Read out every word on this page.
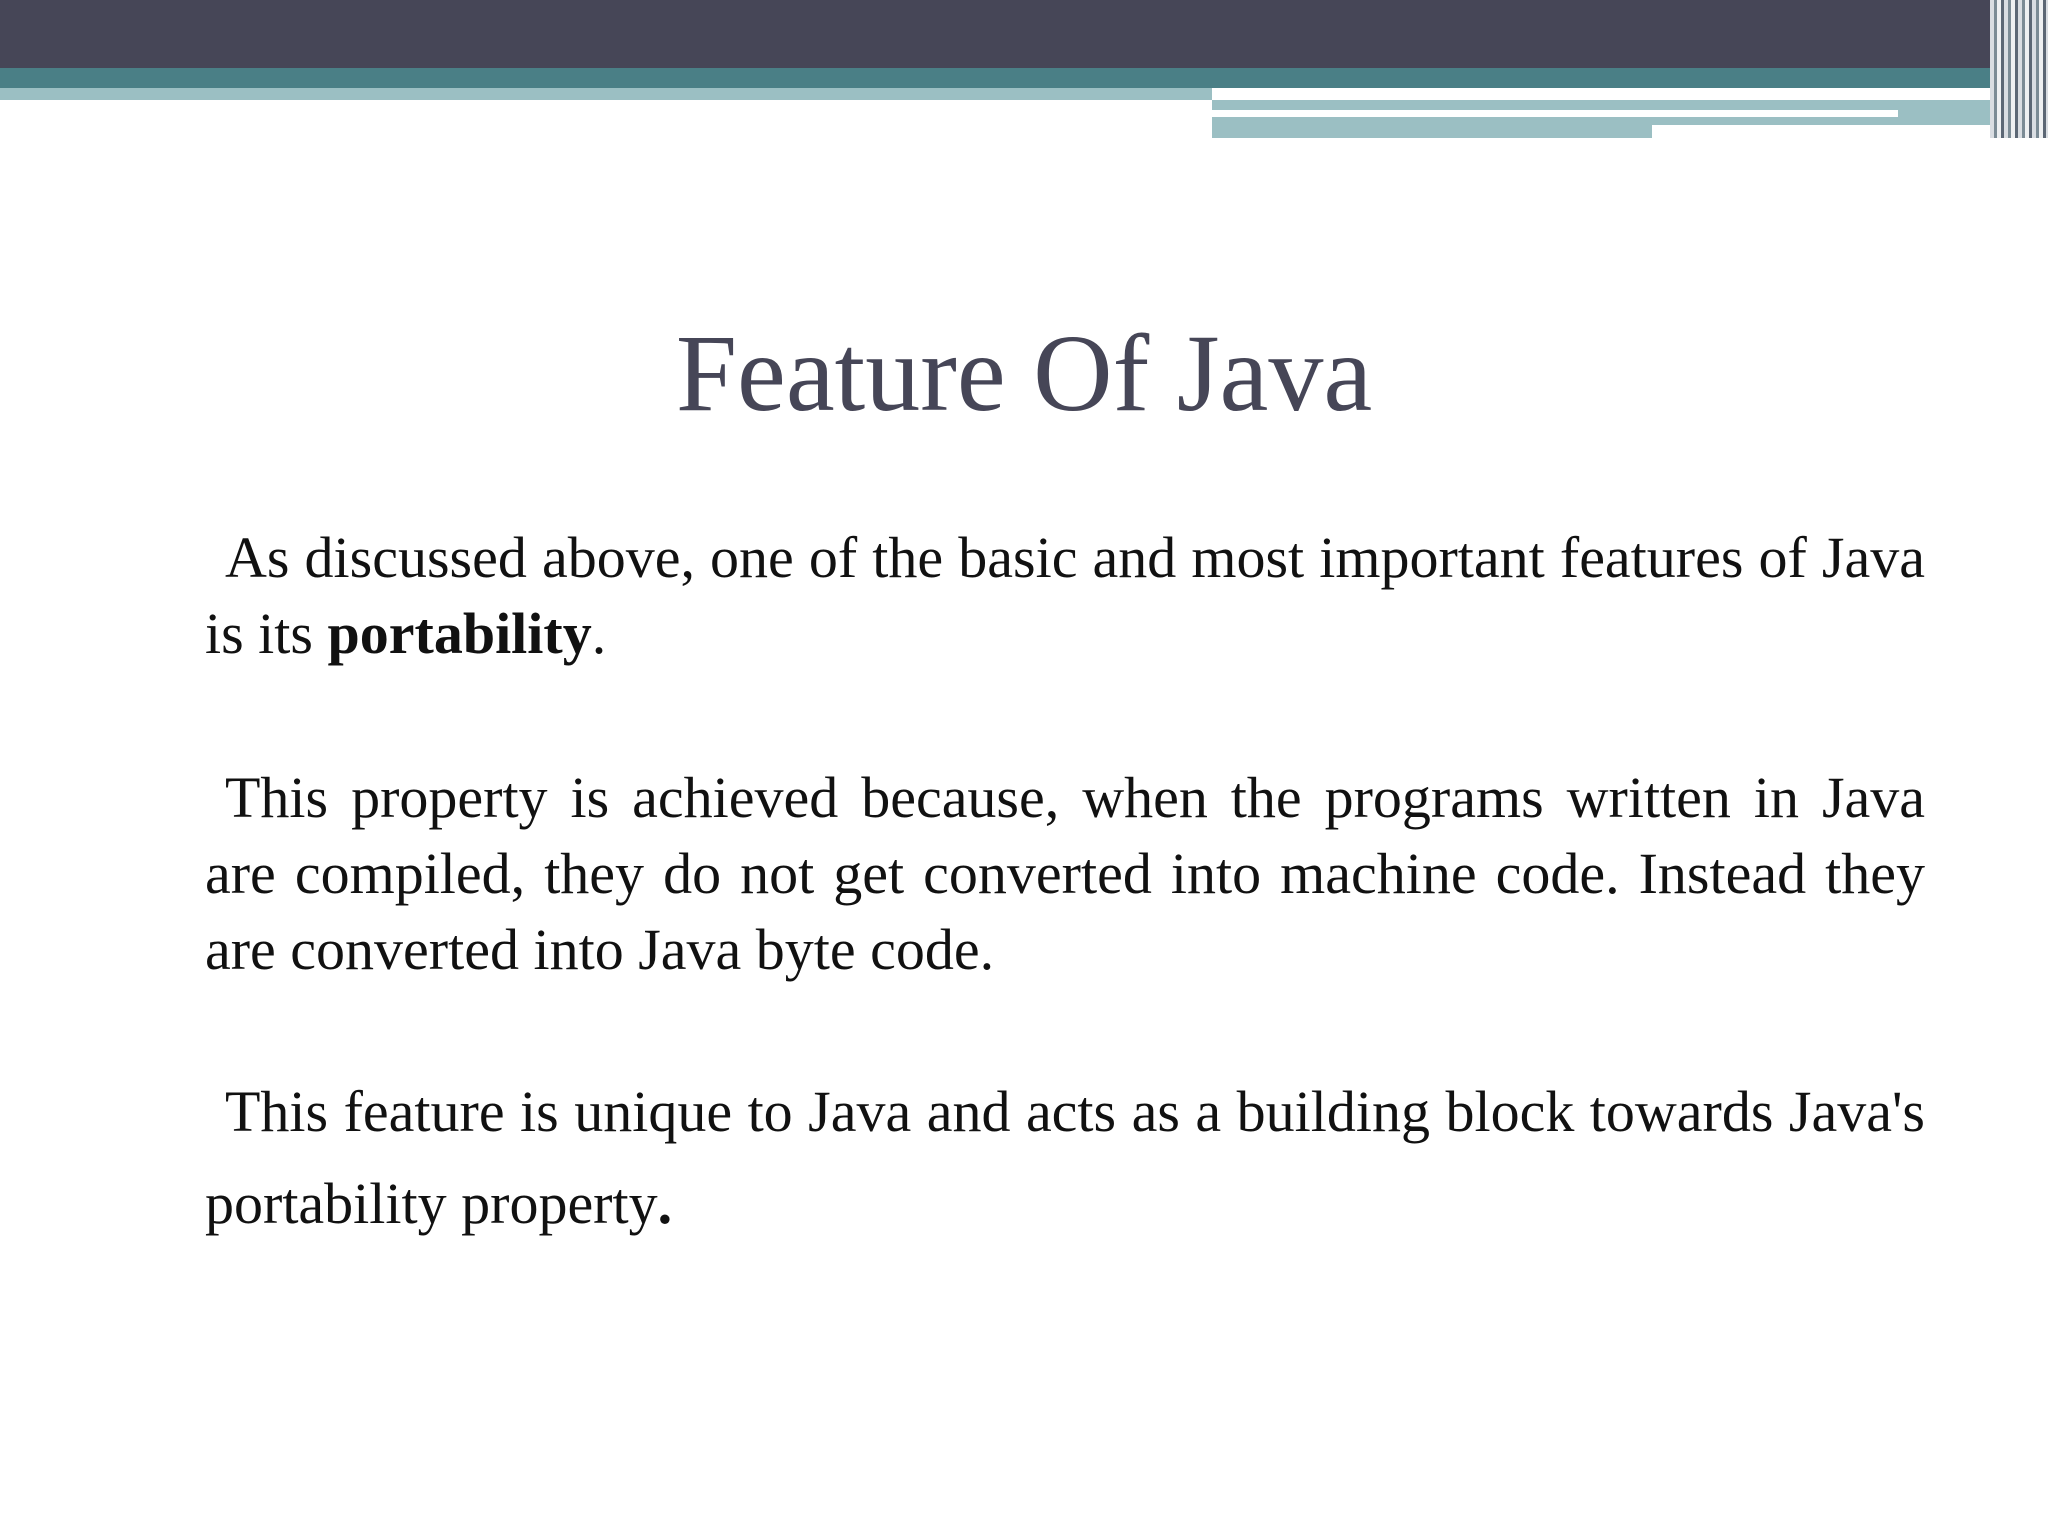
Feature Of Java

As discussed above, one of the basic and most important features of Java is its portability.

This property is achieved because, when the programs written in Java are compiled, they do not get converted into machine code. Instead they are converted into Java byte code.

This feature is unique to Java and acts as a building block towards Java's portability property.
